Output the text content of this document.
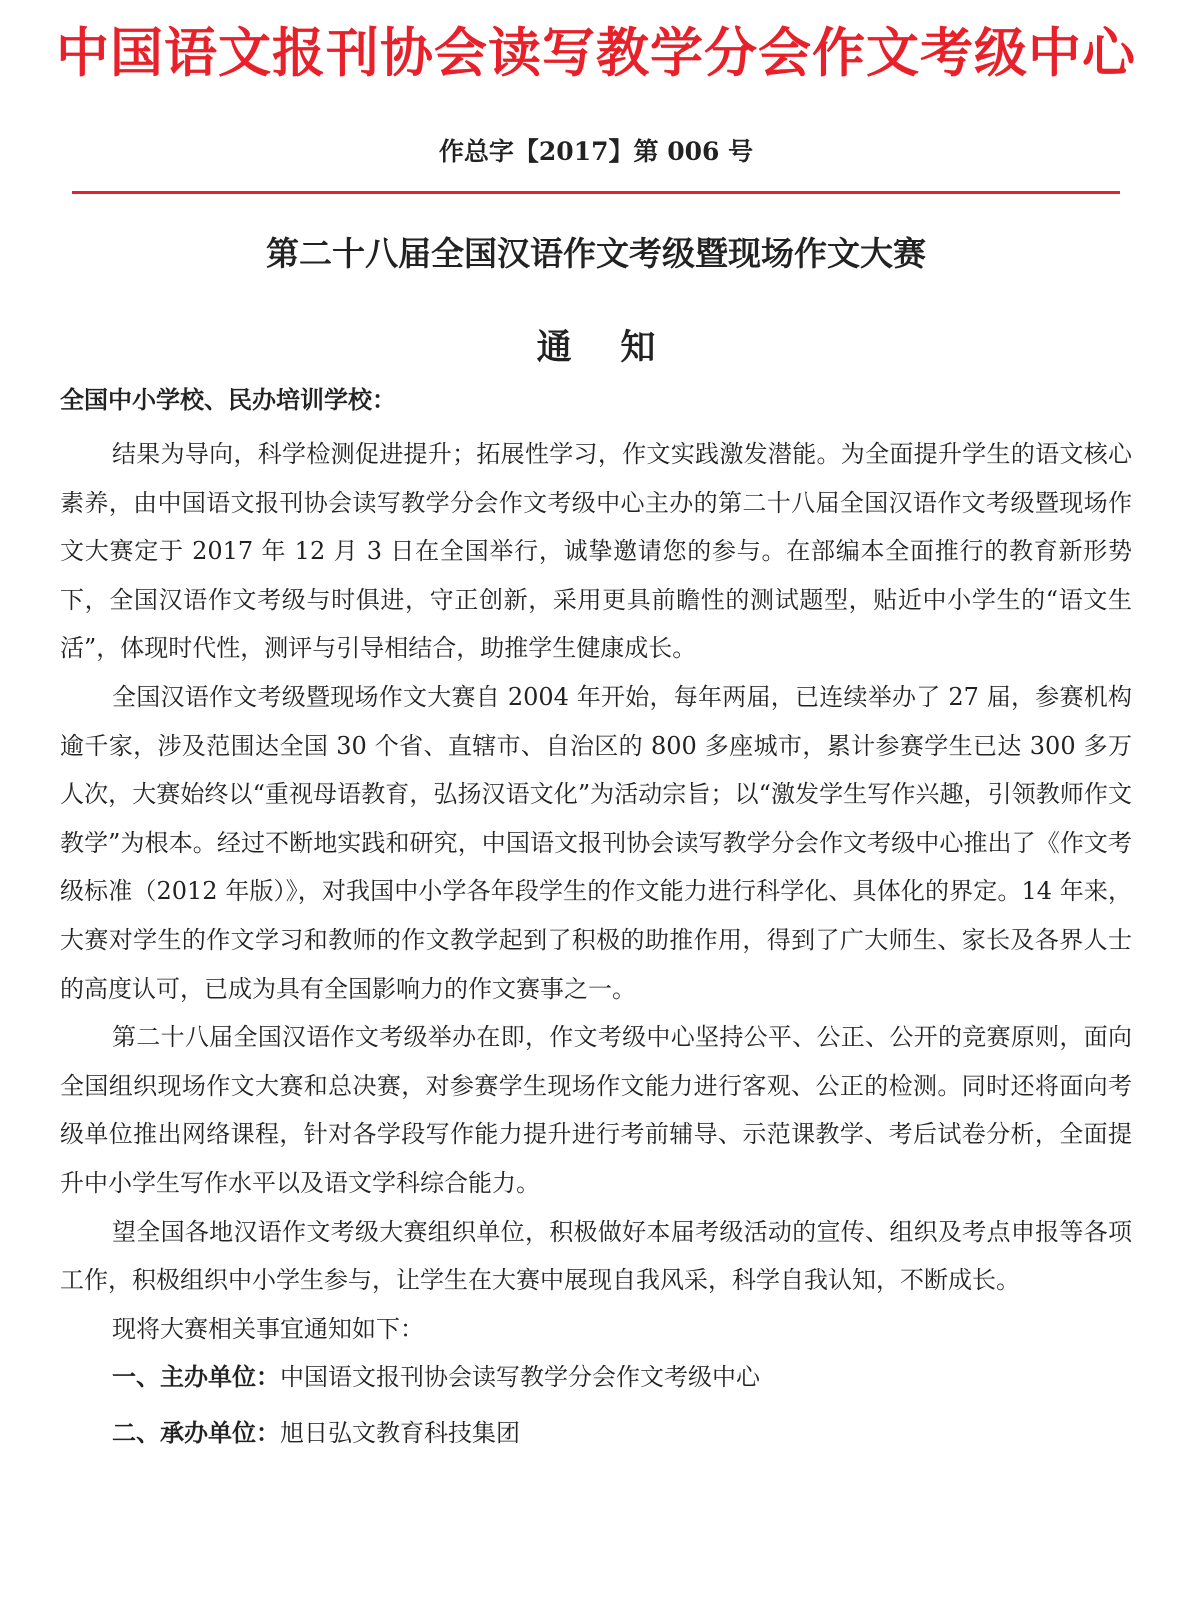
中国语文报刊协会读写教学分会作文考级中心
作总字【2017】第 006 号
第二十八届全国汉语作文考级暨现场作文大赛
通    知
全国中小学校、民办培训学校：

结果为导向，科学检测促进提升；拓展性学习，作文实践激发潜能。为全面提升学生的语文核心素养，由中国语文报刊协会读写教学分会作文考级中心主办的第二十八届全国汉语作文考级暨现场作文大赛定于 2017 年 12 月 3 日在全国举行，诚挚邀请您的参与。在部编本全面推行的教育新形势下，全国汉语作文考级与时俱进，守正创新，采用更具前瞻性的测试题型，贴近中小学生的“语文生活”，体现时代性，测评与引导相结合，助推学生健康成长。

全国汉语作文考级暨现场作文大赛自 2004 年开始，每年两届，已连续举办了 27 届，参赛机构逾千家，涉及范围达全国 30 个省、直辖市、自治区的 800 多座城市，累计参赛学生已达 300 多万人次，大赛始终以“重视母语教育，弘扬汉语文化”为活动宗旨；以“激发学生写作兴趣，引领教师作文教学”为根本。经过不断地实践和研究，中国语文报刊协会读写教学分会作文考级中心推出了《作文考级标准（2012 年版）》，对我国中小学各年段学生的作文能力进行科学化、具体化的界定。14 年来，大赛对学生的作文学习和教师的作文教学起到了积极的助推作用，得到了广大师生、家长及各界人士的高度认可，已成为具有全国影响力的作文赛事之一。

第二十八届全国汉语作文考级举办在即，作文考级中心坚持公平、公正、公开的竞赛原则，面向全国组织现场作文大赛和总决赛，对参赛学生现场作文能力进行客观、公正的检测。同时还将面向考级单位推出网络课程，针对各学段写作能力提升进行考前辅导、示范课教学、考后试卷分析，全面提升中小学生写作水平以及语文学科综合能力。

望全国各地汉语作文考级大赛组织单位，积极做好本届考级活动的宣传、组织及考点申报等各项工作，积极组织中小学生参与，让学生在大赛中展现自我风采，科学自我认知，不断成长。

现将大赛相关事宜通知如下：

一、主办单位：中国语文报刊协会读写教学分会作文考级中心

二、承办单位：旭日弘文教育科技集团
